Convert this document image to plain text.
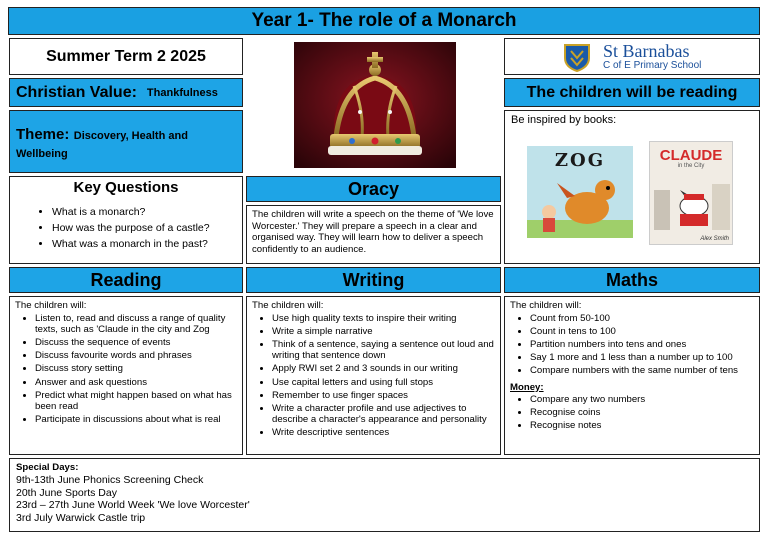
Year 1- The role of a Monarch
Summer Term 2 2025
Christian Value: Thankfulness
Theme: Discovery, Health and Wellbeing
Key Questions
• What is a monarch?
• How was the purpose of a castle?
• What was a monarch in the past?
Oracy
The children will write a speech on the theme of 'We love Worcester.' They will prepare a speech in a clear and organised way. They will learn how to deliver a speech confidently to an audience.
St Barnabas
C of E Primary School
The children will be reading
Be inspired by books:
ZOG	CLAUDE
in the City
Alex Smith
Reading	Writing	Maths
The children will:
• Listen to, read and discuss a range of quality texts, such as 'Claude in the city and Zog
• Discuss the sequence of events
• Discuss favourite words and phrases
• Discuss story setting
• Answer and ask questions
• Predict what might happen based on what has been read
• Participate in discussions about what is real
The children will:
• Use high quality texts to inspire their writing
• Write a simple narrative
• Think of a sentence, saying a sentence out loud and writing that sentence down
• Apply RWI set 2 and 3 sounds in our writing
• Use capital letters and using full stops
• Remember to use finger spaces
• Write a character profile and use adjectives to describe a character's appearance and personality
• Write descriptive sentences
The children will:
• Count from 50-100
• Count in tens to 100
• Partition numbers into tens and ones
• Say 1 more and 1 less than a number up to 100
• Compare numbers with the same number of tens
Money:
• Compare any two numbers
• Recognise coins
• Recognise notes
Special Days:
9th-13th June Phonics Screening Check
20th June Sports Day
23rd – 27th June World Week 'We love Worcester'
3rd July Warwick Castle trip
